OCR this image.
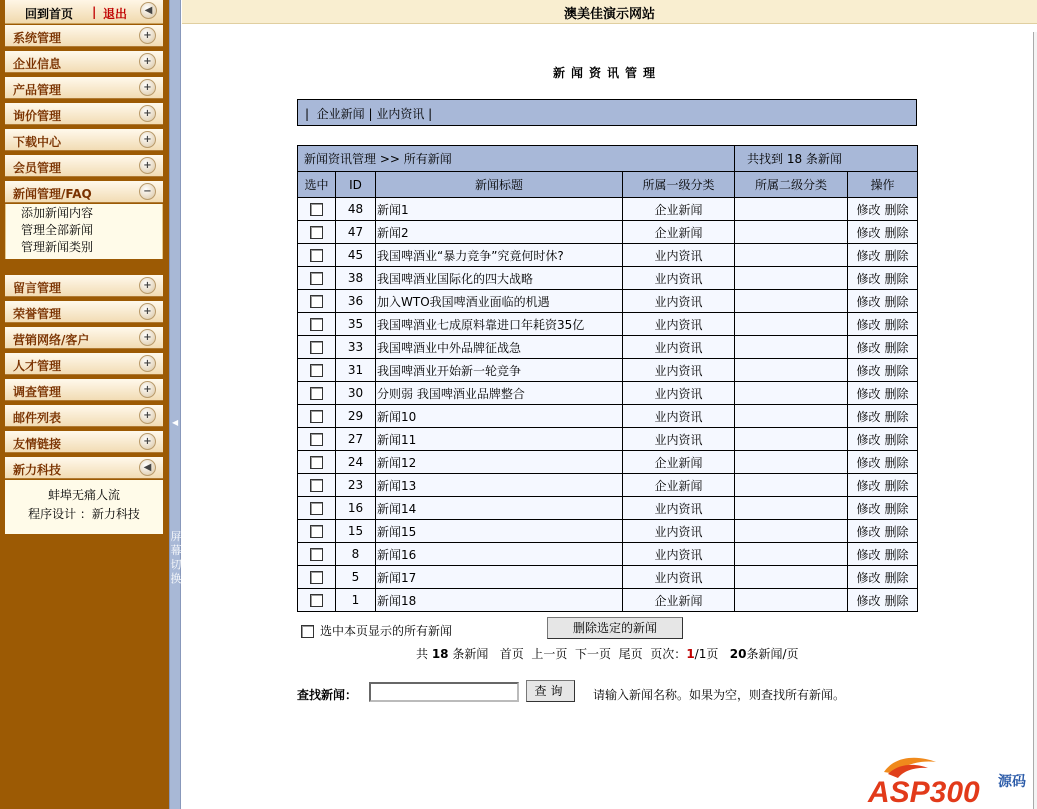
回到首页 | 退出	◀
系统管理	+
企业信息	+
产品管理	+
询价管理	+
下载中心	+
会员管理	+
新闻管理/FAQ	−
添加新闻内容
管理全部新闻
管理新闻类别
留言管理	+
荣誉管理	+
营销网络/客户	+
人才管理	+
调查管理	+
邮件列表	+
友情链接	+
新力科技	◀
蚌埠无痛人流
程序设计 ：新力科技
◀
屏幕切换
澳美佳演示网站
新闻资讯管理
|  企业新闻 | 业内资讯 |
新闻资讯管理 >> 所有新闻				共找到 18 条新闻	
选中	ID	新闻标题	所属一级分类	所属二级分类	操作
	48	新闻1	企业新闻		修改 删除
	47	新闻2	企业新闻		修改 删除
	45	我国啤酒业“暴力竞争”究竟何时休?	业内资讯		修改 删除
	38	我国啤酒业国际化的四大战略	业内资讯		修改 删除
	36	加入WTO我国啤酒业面临的机遇	业内资讯		修改 删除
	35	我国啤酒业七成原料靠进口年耗资35亿	业内资讯		修改 删除
	33	我国啤酒业中外品牌征战急	业内资讯		修改 删除
	31	我国啤酒业开始新一轮竞争	业内资讯		修改 删除
	30	分则弱 我国啤酒业品牌整合	业内资讯		修改 删除
	29	新闻10	业内资讯		修改 删除
	27	新闻11	业内资讯		修改 删除
	24	新闻12	企业新闻		修改 删除
	23	新闻13	企业新闻		修改 删除
	16	新闻14	业内资讯		修改 删除
	15	新闻15	业内资讯		修改 删除
	8	新闻16	业内资讯		修改 删除
	5	新闻17	业内资讯		修改 删除
	1	新闻18	企业新闻		修改 删除
选中本页显示的所有新闻	删除选定的新闻
共 18 条新闻   首页  上一页  下一页  尾页  页次：1/1页   20条新闻/页
查找新闻：	查询	请输入新闻名称。如果为空，则查找所有新闻。
ASP300 源码
